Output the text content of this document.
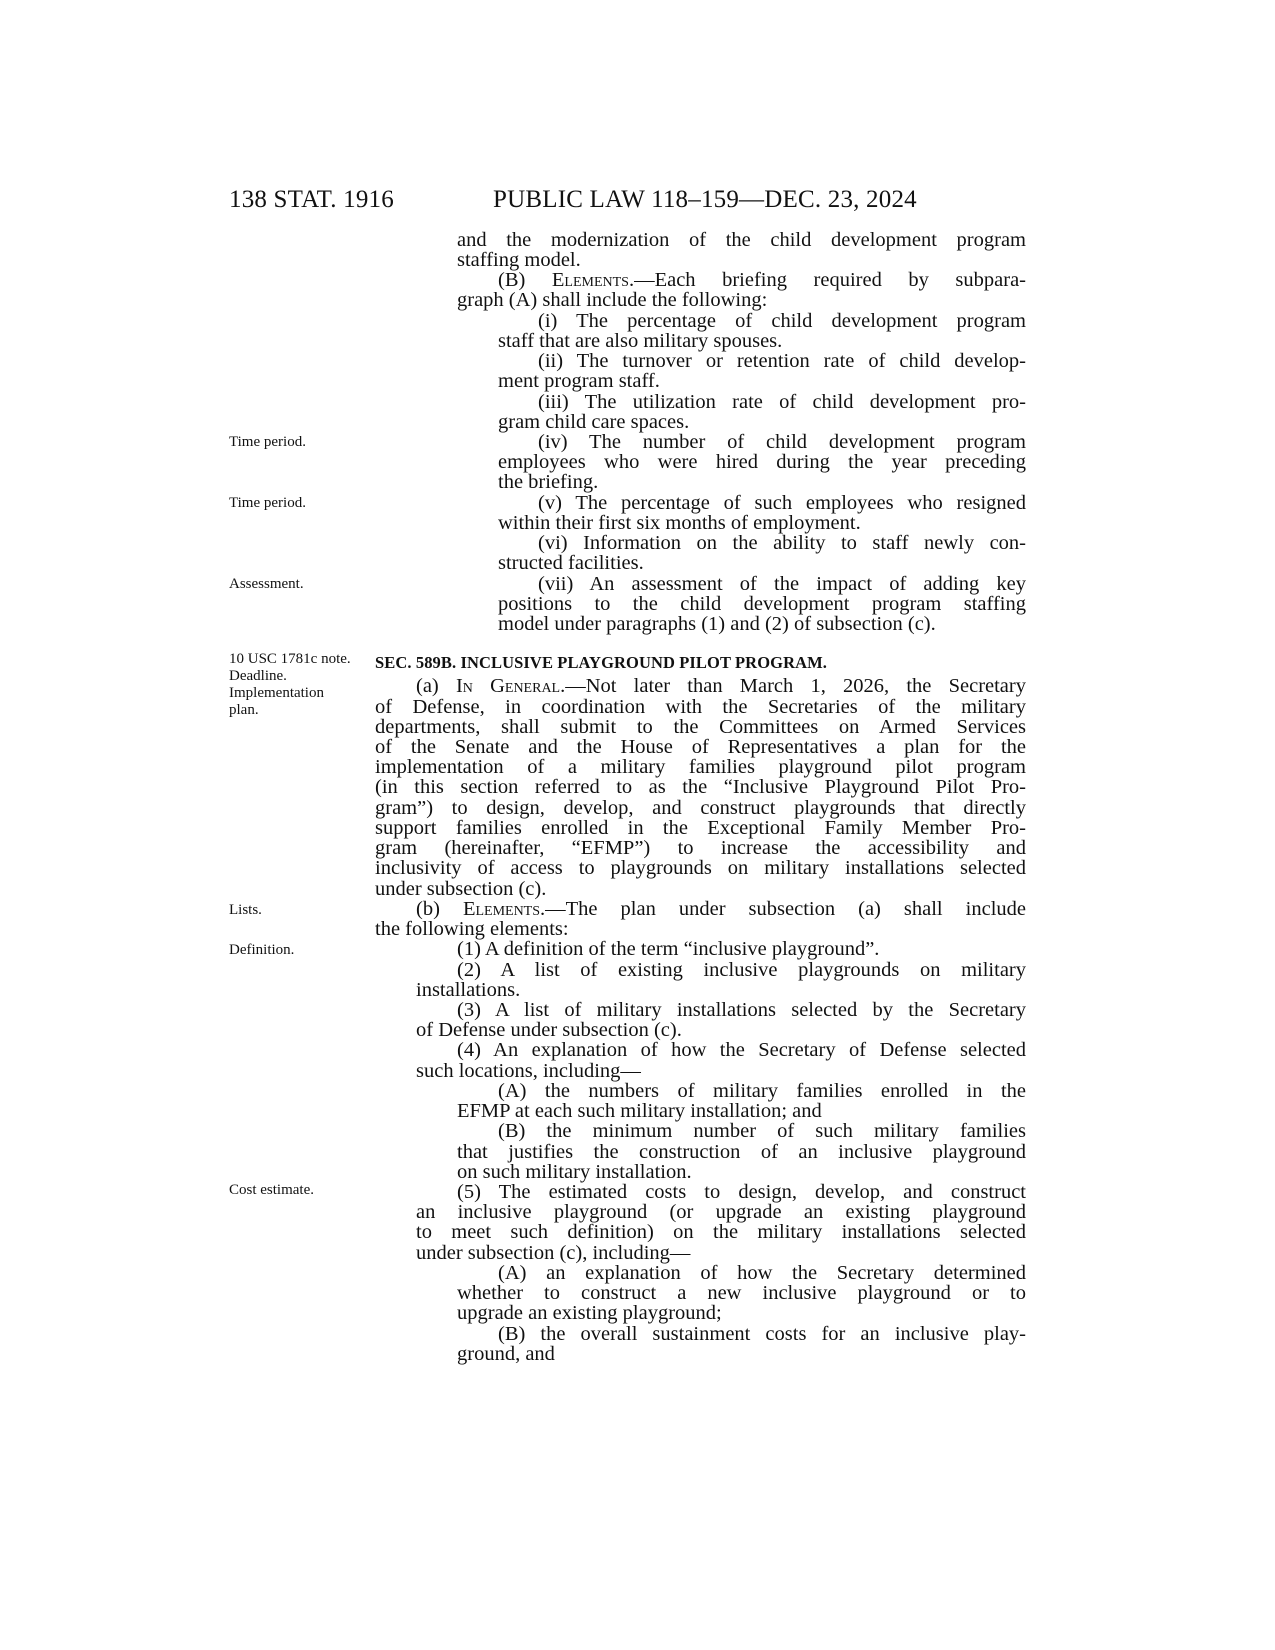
138 STAT. 1916	PUBLIC LAW 118–159—DEC. 23, 2024
Time period.
Time period.
Assessment.
10 USC 1781c note. Deadline. Implementation plan.
Lists.
Definition.
Cost estimate.
and the modernization of the child development program
staffing model.
(B) Elements.—Each briefing required by subpara-
graph (A) shall include the following:
(i) The percentage of child development program
staff that are also military spouses.
(ii) The turnover or retention rate of child develop-
ment program staff.
(iii) The utilization rate of child development pro-
gram child care spaces.
(iv) The number of child development program
employees who were hired during the year preceding
the briefing.
(v) The percentage of such employees who resigned
within their first six months of employment.
(vi) Information on the ability to staff newly con-
structed facilities.
(vii) An assessment of the impact of adding key
positions to the child development program staffing
model under paragraphs (1) and (2) of subsection (c).
SEC. 589B. INCLUSIVE PLAYGROUND PILOT PROGRAM.
(a) In General.—Not later than March 1, 2026, the Secretary
of Defense, in coordination with the Secretaries of the military
departments, shall submit to the Committees on Armed Services
of the Senate and the House of Representatives a plan for the
implementation of a military families playground pilot program
(in this section referred to as the “Inclusive Playground Pilot Pro-
gram”) to design, develop, and construct playgrounds that directly
support families enrolled in the Exceptional Family Member Pro-
gram (hereinafter, “EFMP”) to increase the accessibility and
inclusivity of access to playgrounds on military installations selected
under subsection (c).
(b) Elements.—The plan under subsection (a) shall include
the following elements:
(1) A definition of the term “inclusive playground”.
(2) A list of existing inclusive playgrounds on military
installations.
(3) A list of military installations selected by the Secretary
of Defense under subsection (c).
(4) An explanation of how the Secretary of Defense selected
such locations, including—
(A) the numbers of military families enrolled in the
EFMP at each such military installation; and
(B) the minimum number of such military families
that justifies the construction of an inclusive playground
on such military installation.
(5) The estimated costs to design, develop, and construct
an inclusive playground (or upgrade an existing playground
to meet such definition) on the military installations selected
under subsection (c), including—
(A) an explanation of how the Secretary determined
whether to construct a new inclusive playground or to
upgrade an existing playground;
(B) the overall sustainment costs for an inclusive play-
ground, and
